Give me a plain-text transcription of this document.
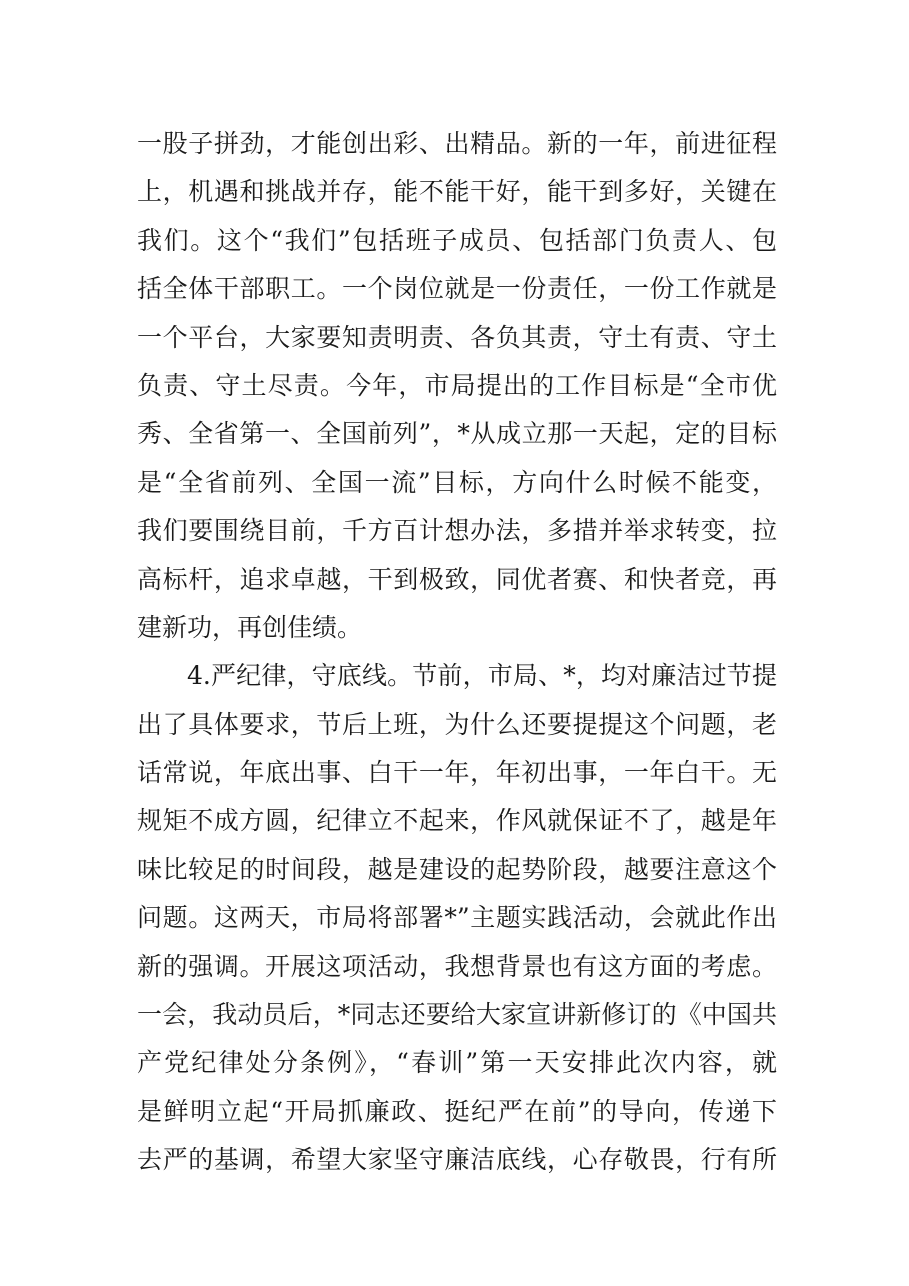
一股子拼劲，才能创出彩、出精品。新的一年，前进征程
上，机遇和挑战并存，能不能干好，能干到多好，关键在
我们。这个“我们”包括班子成员、包括部门负责人、包
括全体干部职工。一个岗位就是一份责任，一份工作就是
一个平台，大家要知责明责、各负其责，守土有责、守土
负责、守土尽责。今年，市局提出的工作目标是“全市优
秀、全省第一、全国前列”，*从成立那一天起，定的目标
是“全省前列、全国一流”目标，方向什么时候不能变，
我们要围绕目前，千方百计想办法，多措并举求转变，拉
高标杆，追求卓越，干到极致，同优者赛、和快者竞，再
建新功，再创佳绩。
4.严纪律，守底线。节前，市局、*，均对廉洁过节提
出了具体要求，节后上班，为什么还要提提这个问题，老
话常说，年底出事、白干一年，年初出事，一年白干。无
规矩不成方圆，纪律立不起来，作风就保证不了，越是年
味比较足的时间段，越是建设的起势阶段，越要注意这个
问题。这两天，市局将部署*”主题实践活动，会就此作出
新的强调。开展这项活动，我想背景也有这方面的考虑。
一会，我动员后，*同志还要给大家宣讲新修订的《中国共
产党纪律处分条例》，“春训”第一天安排此次内容，就
是鲜明立起“开局抓廉政、挺纪严在前”的导向，传递下
去严的基调，希望大家坚守廉洁底线，心存敬畏，行有所
